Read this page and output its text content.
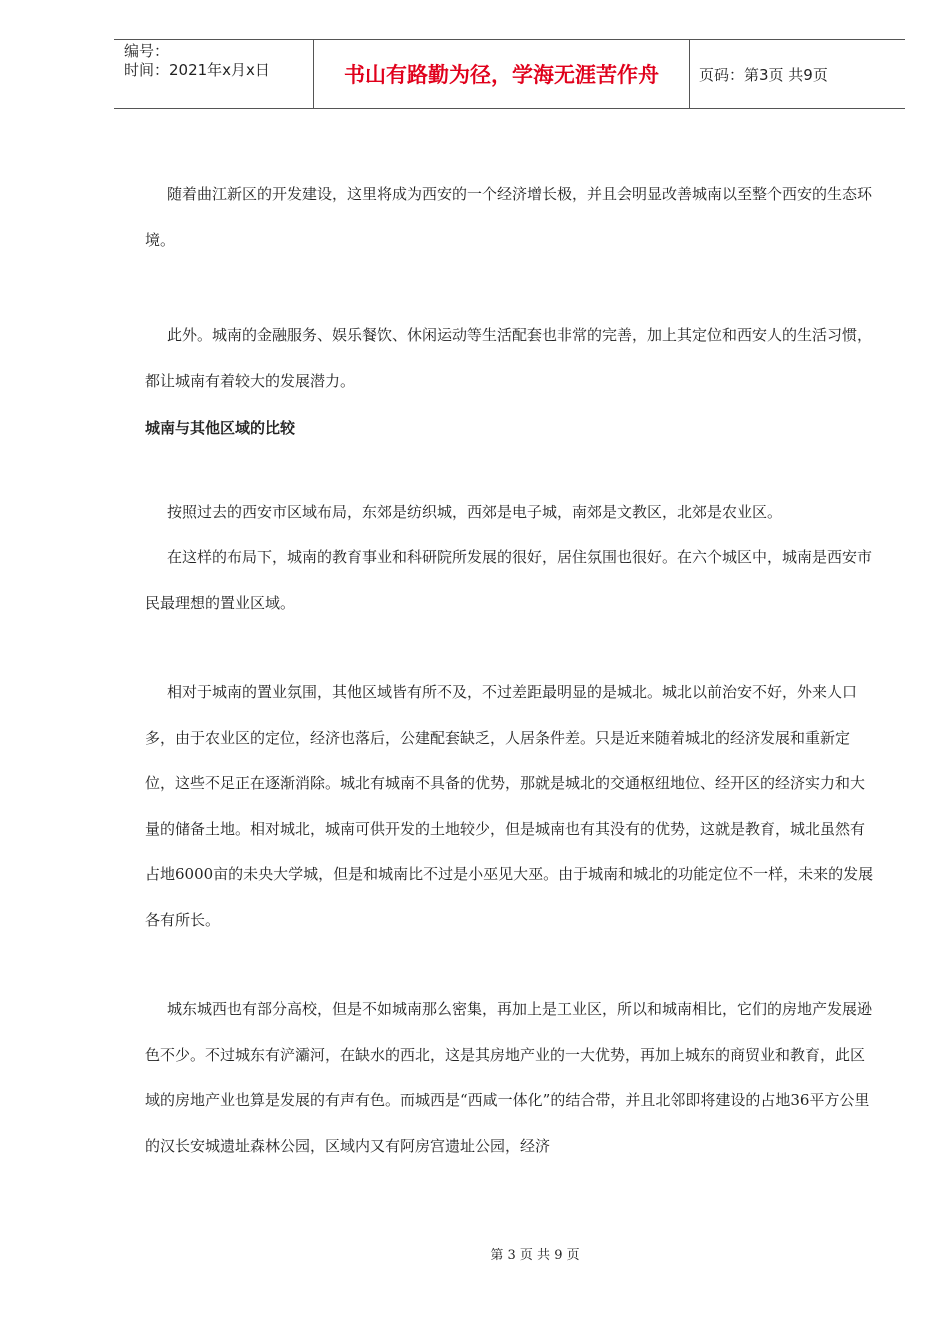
编号：
时间：2021年x月x日	书山有路勤为径，学海无涯苦作舟	页码：第3页 共9页

随着曲江新区的开发建设，这里将成为西安的一个经济增长极，并且会明显改善城南以至整个西安的生态环境。

此外。城南的金融服务、娱乐餐饮、休闲运动等生活配套也非常的完善，加上其定位和西安人的生活习惯，都让城南有着较大的发展潜力。

城南与其他区域的比较

按照过去的西安市区域布局，东郊是纺织城，西郊是电子城，南郊是文教区，北郊是农业区。

在这样的布局下，城南的教育事业和科研院所发展的很好，居住氛围也很好。在六个城区中，城南是西安市民最理想的置业区域。

相对于城南的置业氛围，其他区域皆有所不及，不过差距最明显的是城北。城北以前治安不好，外来人口多，由于农业区的定位，经济也落后，公建配套缺乏，人居条件差。只是近来随着城北的经济发展和重新定位，这些不足正在逐渐消除。城北有城南不具备的优势，那就是城北的交通枢纽地位、经开区的经济实力和大量的储备土地。相对城北，城南可供开发的土地较少，但是城南也有其没有的优势，这就是教育，城北虽然有占地6000亩的未央大学城，但是和城南比不过是小巫见大巫。由于城南和城北的功能定位不一样，未来的发展各有所长。

城东城西也有部分高校，但是不如城南那么密集，再加上是工业区，所以和城南相比，它们的房地产发展逊色不少。不过城东有浐灞河，在缺水的西北，这是其房地产业的一大优势，再加上城东的商贸业和教育，此区域的房地产业也算是发展的有声有色。而城西是“西咸一体化”的结合带，并且北邻即将建设的占地36平方公里的汉长安城遗址森林公园，区域内又有阿房宫遗址公园，经济

第 3 页 共 9 页
